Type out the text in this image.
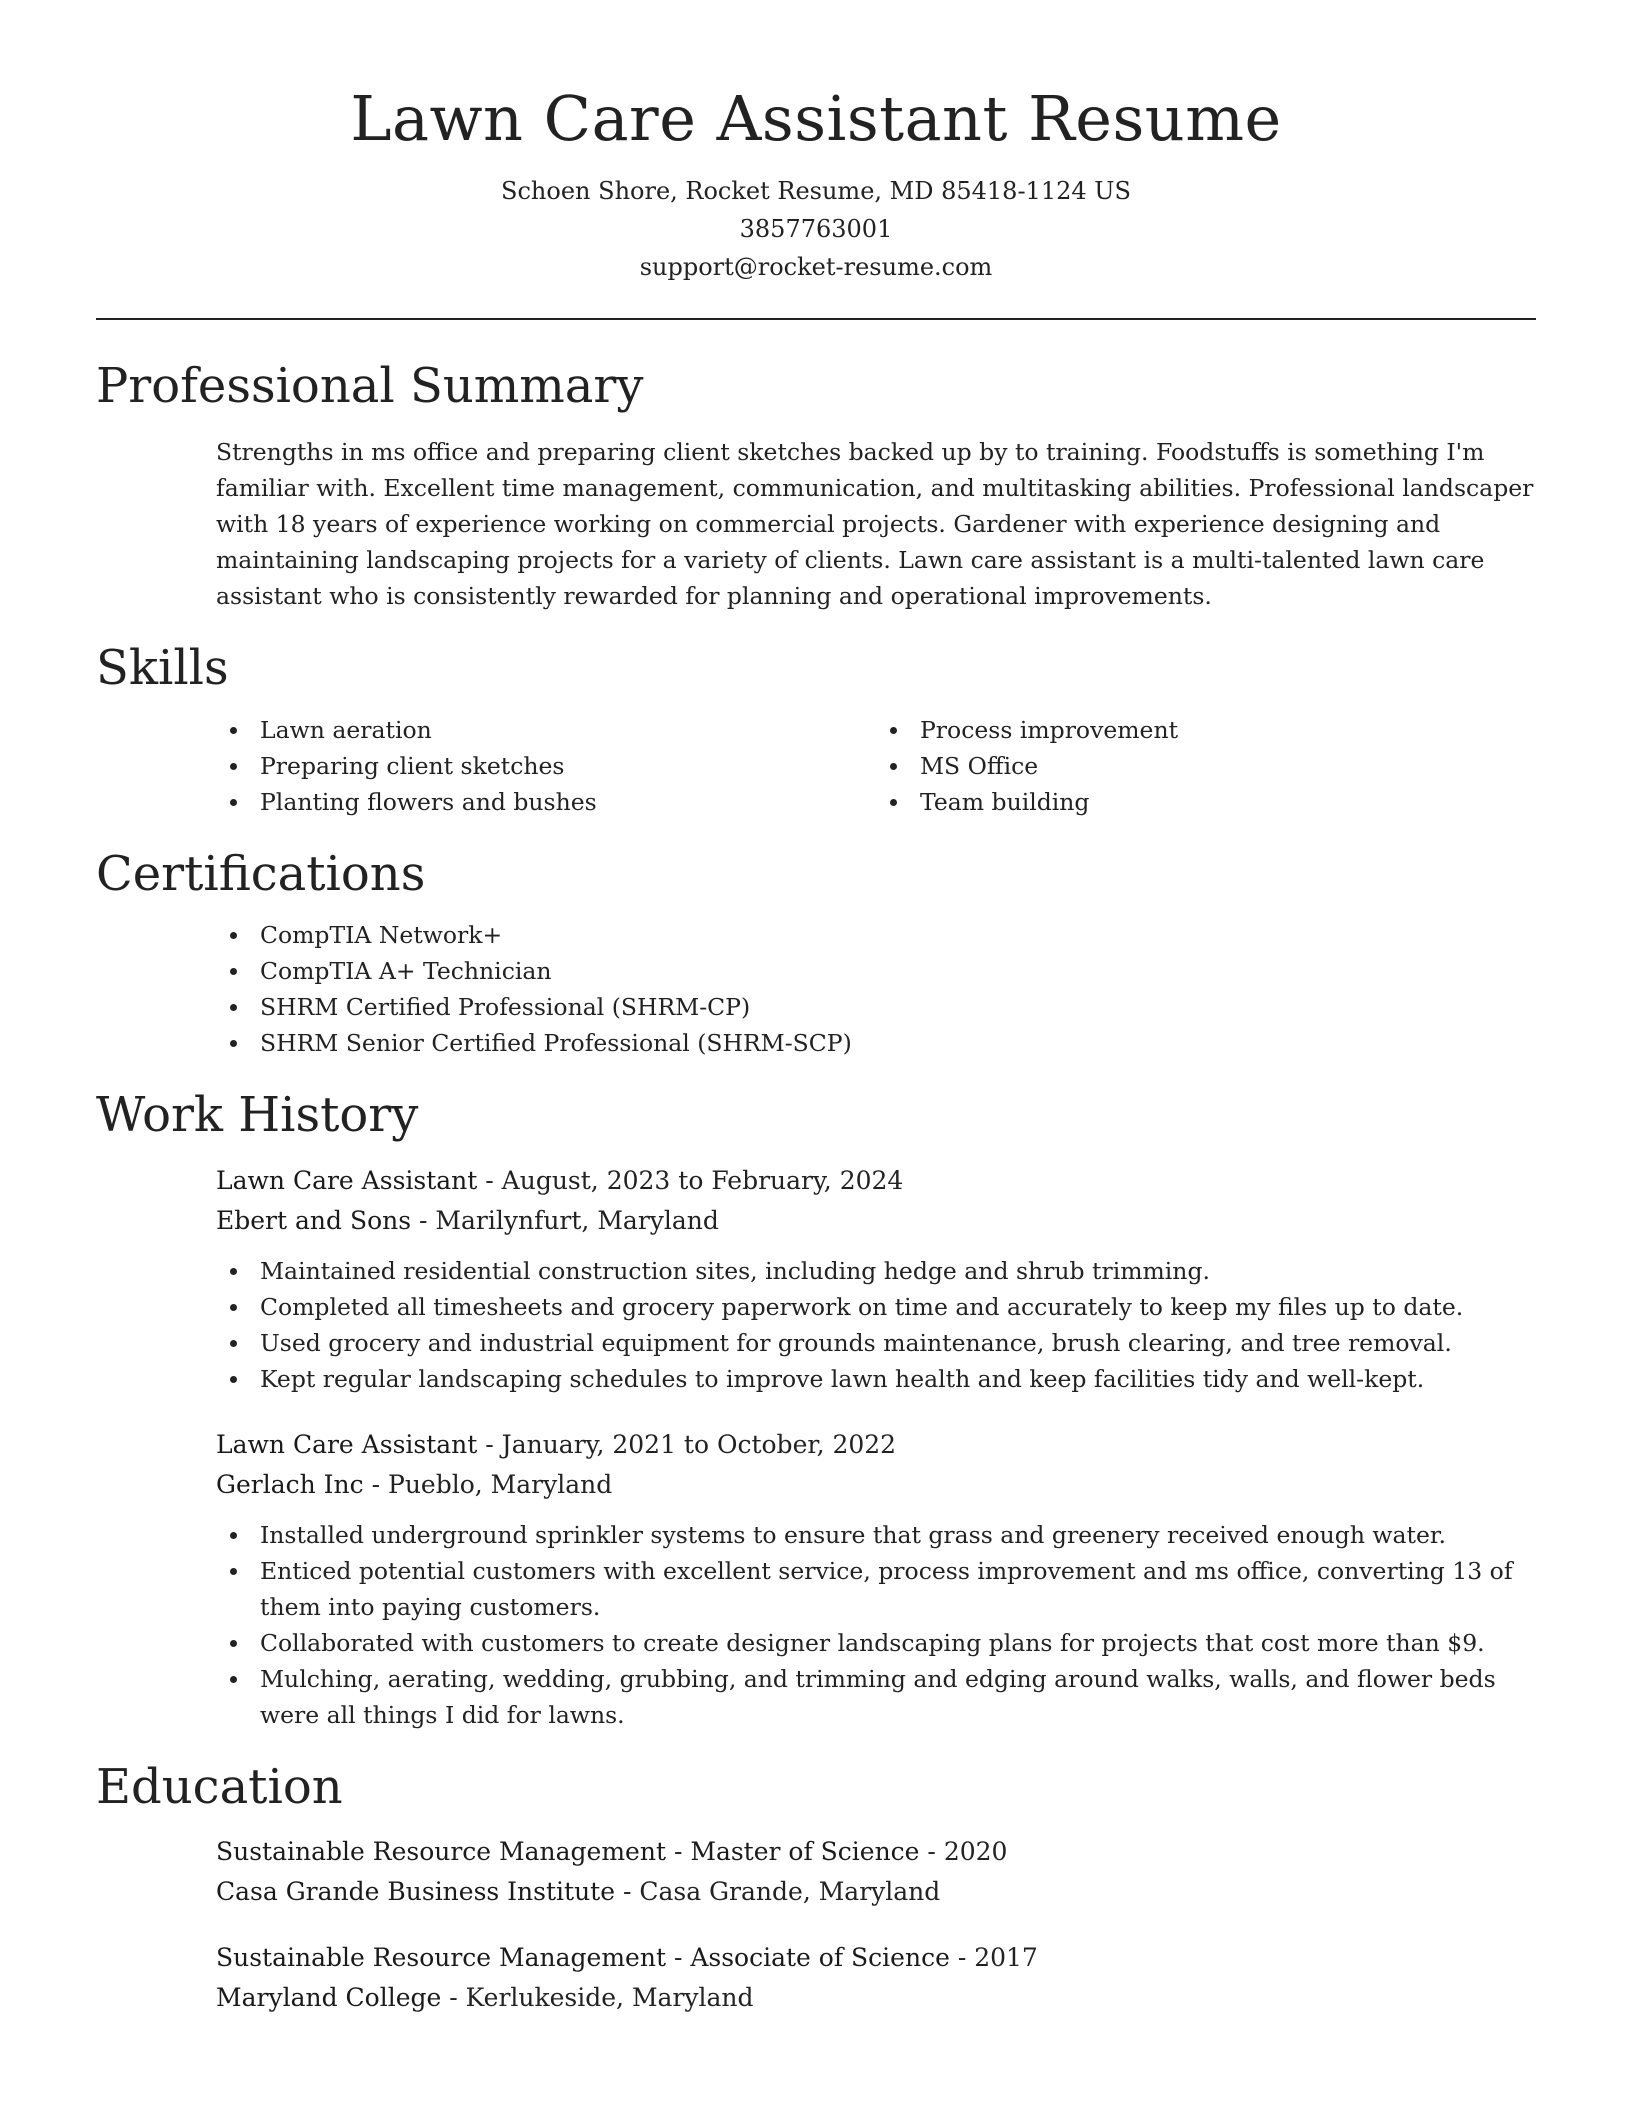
Lawn Care Assistant Resume
Schoen Shore, Rocket Resume, MD 85418-1124 US
3857763001
support@rocket-resume.com
Professional Summary

Strengths in ms office and preparing client sketches backed up by to training. Foodstuffs is something I'm familiar with. Excellent time management, communication, and multitasking abilities. Professional landscaper with 18 years of experience working on commercial projects. Gardener with experience designing and maintaining landscaping projects for a variety of clients. Lawn care assistant is a multi-talented lawn care assistant who is consistently rewarded for planning and operational improvements.

Skills
Lawn aeration
Preparing client sketches
Planting flowers and bushes
Process improvement
MS Office
Team building
Certifications
CompTIA Network+
CompTIA A+ Technician
SHRM Certified Professional (SHRM-CP)
SHRM Senior Certified Professional (SHRM-SCP)
Work History
Lawn Care Assistant - August, 2023 to February, 2024
Ebert and Sons - Marilynfurt, Maryland
Maintained residential construction sites, including hedge and shrub trimming.
Completed all timesheets and grocery paperwork on time and accurately to keep my files up to date.
Used grocery and industrial equipment for grounds maintenance, brush clearing, and tree removal.
Kept regular landscaping schedules to improve lawn health and keep facilities tidy and well-kept.
Lawn Care Assistant - January, 2021 to October, 2022
Gerlach Inc - Pueblo, Maryland
Installed underground sprinkler systems to ensure that grass and greenery received enough water.
Enticed potential customers with excellent service, process improvement and ms office, converting 13 of them into paying customers.
Collaborated with customers to create designer landscaping plans for projects that cost more than $9.
Mulching, aerating, wedding, grubbing, and trimming and edging around walks, walls, and flower beds were all things I did for lawns.
Education
Sustainable Resource Management - Master of Science - 2020
Casa Grande Business Institute - Casa Grande, Maryland
Sustainable Resource Management - Associate of Science - 2017
Maryland College - Kerlukeside, Maryland
